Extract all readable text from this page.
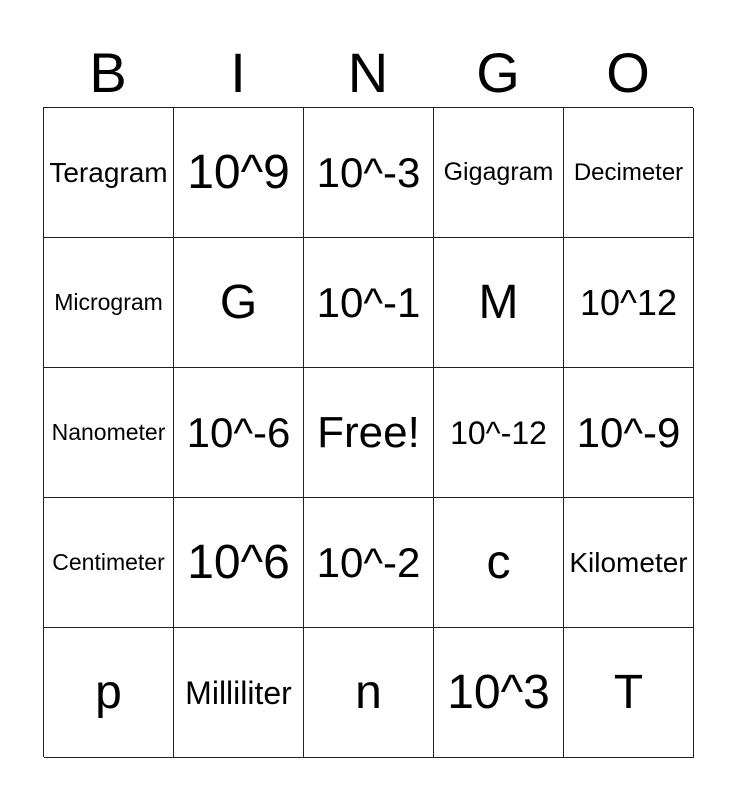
B	I	N	G	O
Teragram 10^9 10^-3 Gigagram Decimeter
Microgram	G	10^-1	M	10^12
Nanometer 10^-6 Free! 10^-12 10^-9
Centimeter 10^6 10^-2	c	Kilometer
p	Milliliter	n	10^3	T
